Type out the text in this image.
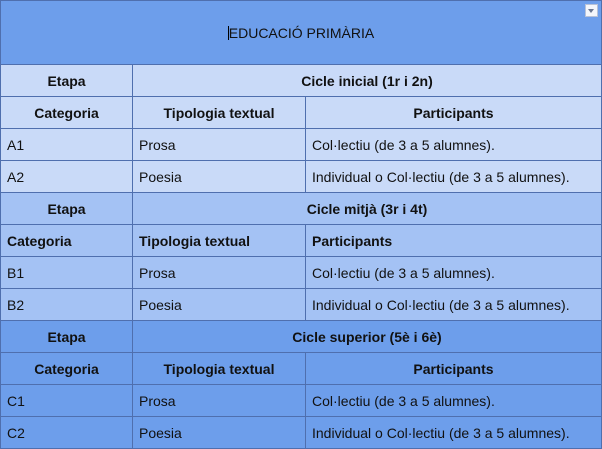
EDUCACIÓ PRIMÀRIA		

Etapa	Cicle inicial (1r i 2n)	
Categoria	Tipologia textual	Participants
A1	Prosa	Col·lectiu (de 3 a 5 alumnes).
A2	Poesia	Individual o Col·lectiu (de 3 a 5 alumnes).
Etapa	Cicle mitjà (3r i 4t)	
Categoria	Tipologia textual	Participants
B1	Prosa	Col·lectiu (de 3 a 5 alumnes).
B2	Poesia	Individual o Col·lectiu (de 3 a 5 alumnes).
Etapa	Cicle superior (5è i 6è)	
Categoria	Tipologia textual	Participants
C1	Prosa	Col·lectiu (de 3 a 5 alumnes).
C2	Poesia	Individual o Col·lectiu (de 3 a 5 alumnes).
